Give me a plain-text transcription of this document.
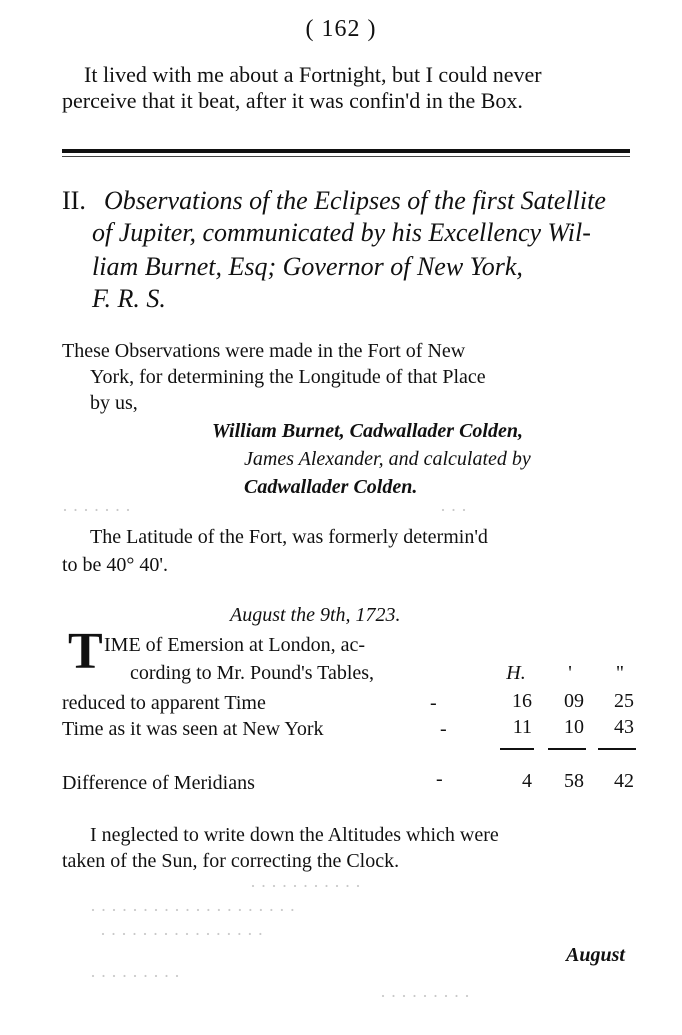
( 162 )
It lived with me about a Fortnight, but I could never
perceive that it beat, after it was confin'd in the Box.
II. Observations of the Eclipses of the first Satellite
of Jupiter, communicated by his Excellency Wil-
liam Burnet, Esq; Governor of New York,
F. R. S.
These Observations were made in the Fort of New
York, for determining the Longitude of that Place
by us,
William Burnet, Cadwallader Colden,
James Alexander, and calculated by
Cadwallader Colden.
· · · · · · ·	· · ·
The Latitude of the Fort, was formerly determin'd
to be 40° 40'.
August the 9th, 1723.
T IME of Emersion at London, ac-
cording to Mr. Pound's Tables,	H.	'	"
reduced to apparent Time	-	16	09	25
Time as it was seen at New York	-	11	10	43
Difference of Meridians	-	4	58	42
I neglected to write down the Altitudes which were
taken of the Sun, for correcting the Clock.
· · · · · · · · · · ·
· · · · · · · · · · · · · · · · · · · ·
· · · · · · · · · · · · · · · ·
August
· · · · · · · · ·
· · · · · · · · ·
